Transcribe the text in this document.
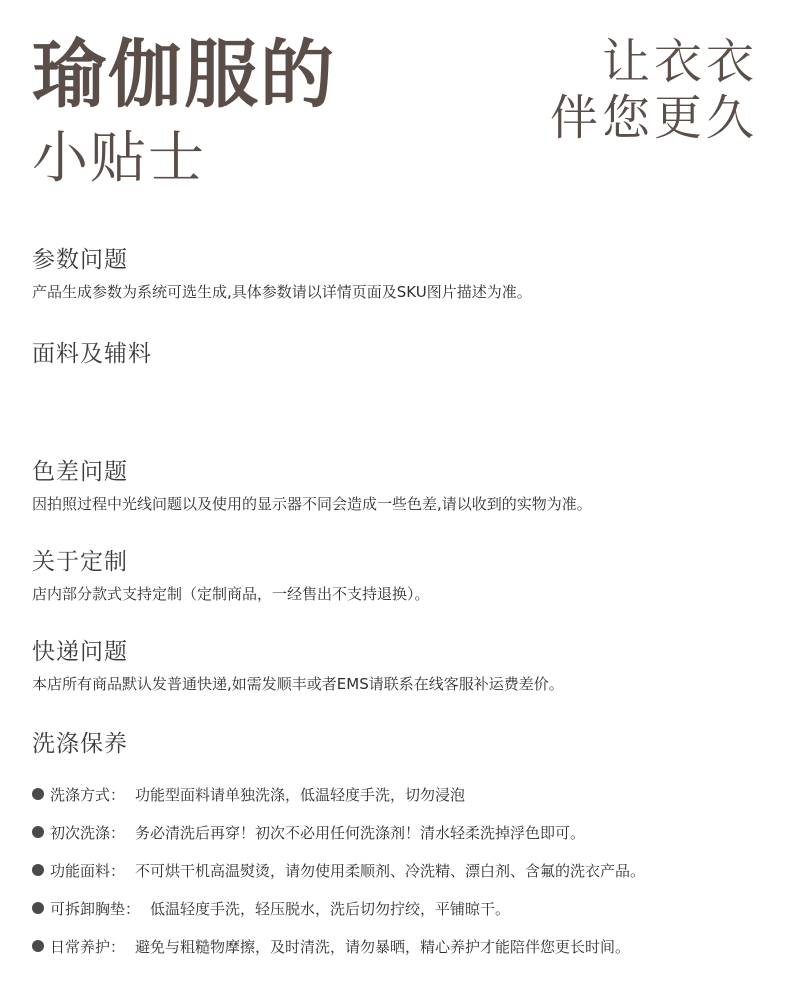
瑜伽服的
小贴士
让衣衣
伴您更久
参数问题

产品生成参数为系统可选生成,具体参数请以详情页面及SKU图片描述为准。

面料及辅料
色差问题

因拍照过程中光线问题以及使用的显示器不同会造成一些色差,请以收到的实物为准。

关于定制

店内部分款式支持定制（定制商品，一经售出不支持退换）。

快递问题

本店所有商品默认发普通快递,如需发顺丰或者EMS请联系在线客服补运费差价。

洗涤保养
洗涤方式： 功能型面料请单独洗涤，低温轻度手洗，切勿浸泡
初次洗涤： 务必清洗后再穿！初次不必用任何洗涤剂！清水轻柔洗掉浮色即可。
功能面料： 不可烘干机高温熨烫，请勿使用柔顺剂、冷洗精、漂白剂、含氟的洗衣产品。
可拆卸胸垫： 低温轻度手洗，轻压脱水，洗后切勿拧绞，平铺晾干。
日常养护： 避免与粗糙物摩擦，及时清洗，请勿暴晒，精心养护才能陪伴您更长时间。
